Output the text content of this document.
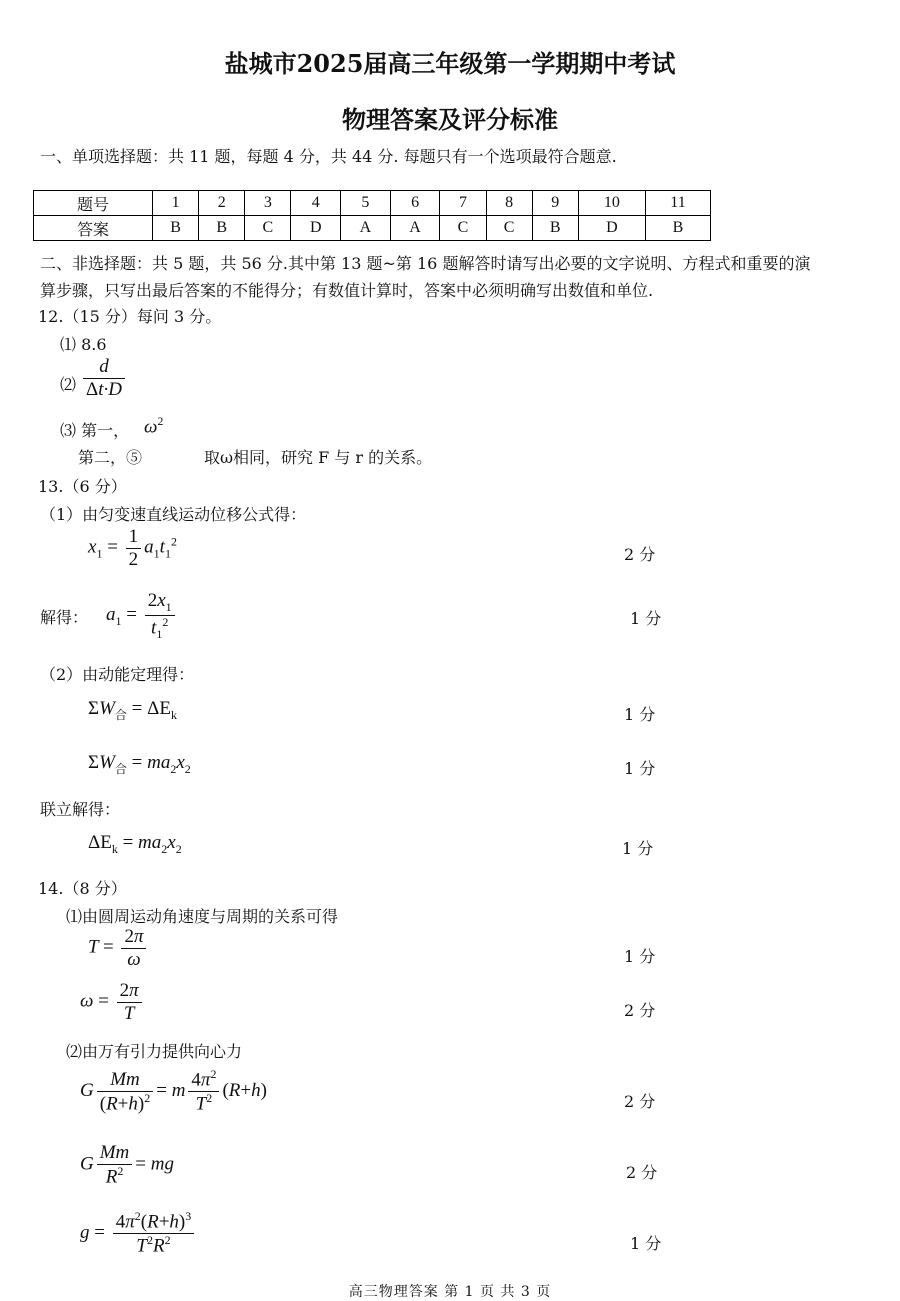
盐城市2025届高三年级第一学期期中考试
物理答案及评分标准
一、单项选择题：共 11 题，每题 4 分，共 44 分. 每题只有一个选项最符合题意.
题号	1	2	3	4	5	6	7	8	9	10	11
答案	B	B	C	D	A	A	C	C	B	D	B
二、非选择题：共 5 题，共 56 分.其中第 13 题~第 16 题解答时请写出必要的文字说明、方程式和重要的演
算步骤，只写出最后答案的不能得分；有数值计算时，答案中必须明确写出数值和单位.
12.（15 分）每问 3 分。
⑴ 8.6
⑵ $\frac{d}{\Delta t\cdot D}$
⑶ 第一， $\omega^2$
第二，⑤	取ω相同，研究 F 与 r 的关系。
13.（6 分）
（1）由匀变速直线运动位移公式得：
$x_1 = \frac{1}{2} a_1t_1^2$
2 分
解得： $a_1 = \frac{2x_1}{t_1^2}$	1 分
（2）由动能定理得：
$\Sigma W_合 = \Delta E_k$	1 分
$\Sigma W_合 = ma_2x_2$	1 分
联立解得：
$\Delta E_k = ma_2x_2$	1 分
14.（8 分）
⑴由圆周运动角速度与周期的关系可得
$T = \frac{2\pi}{\omega}$	1 分
$\omega = \frac{2\pi}{T}$	2 分
⑵由万有引力提供向心力
G $\frac{Mm}{(R+h)^2} = m \frac{4\pi^2}{T^2} (R+h)$
2 分
G $\frac{Mm}{R^2}$ = mg	2 分
$g = \frac{4\pi^2(R+h)^3}{T^2R^2}$	1 分
高三物理答案 第 1 页 共 3 页
